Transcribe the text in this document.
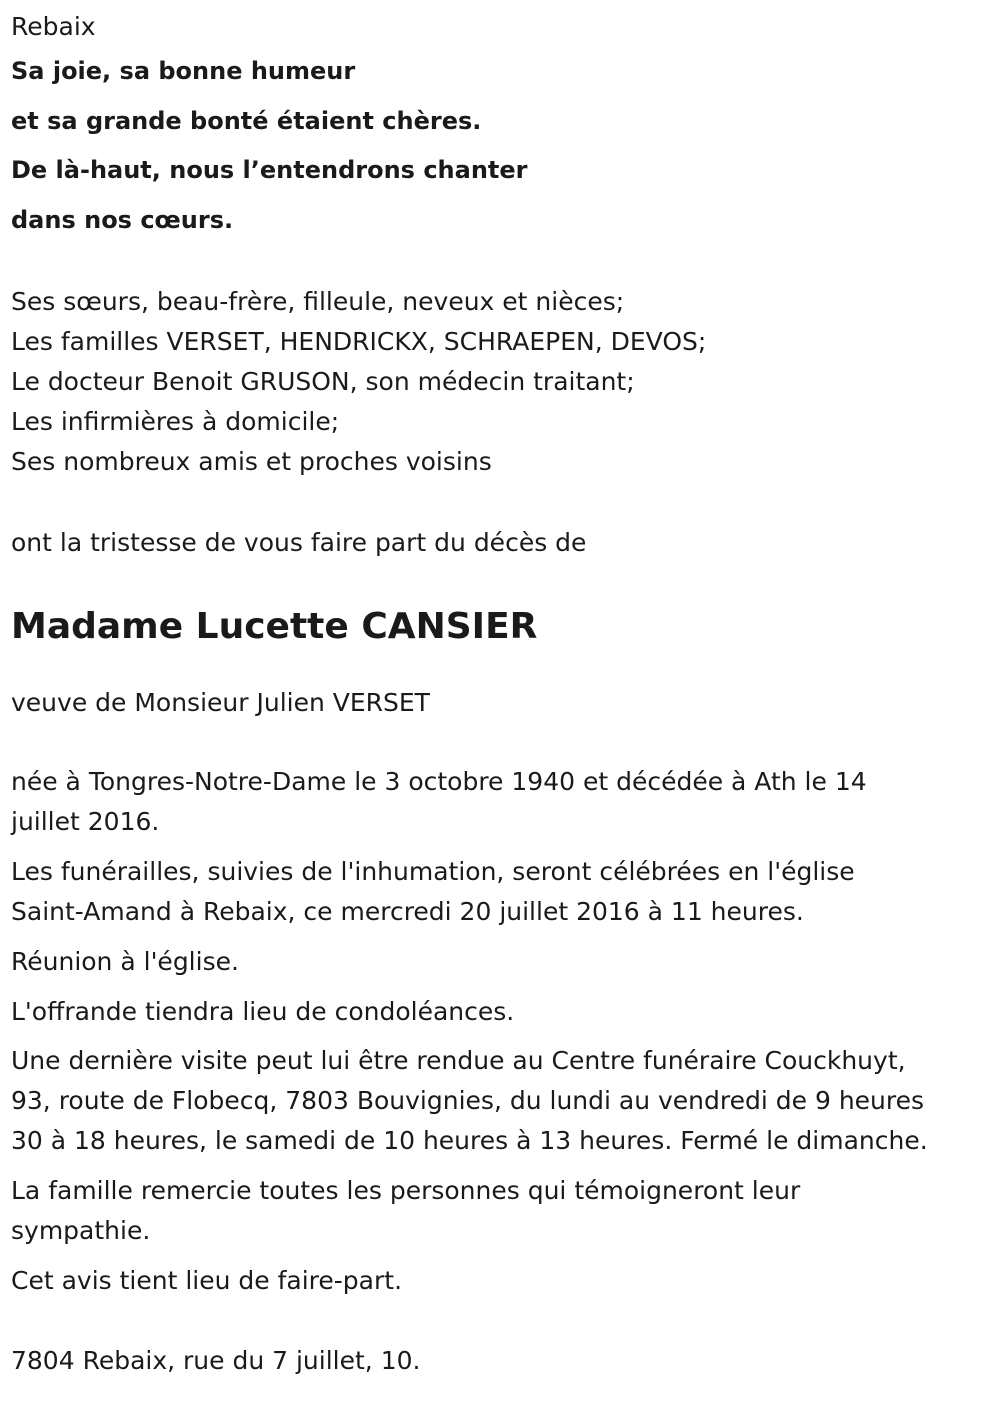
Rebaix

Sa joie, sa bonne humeur

et sa grande bonté étaient chères.

De là-haut, nous l’entendrons chanter

dans nos cœurs.

Ses sœurs, beau-frère, filleule, neveux et nièces;

Les familles VERSET, HENDRICKX, SCHRAEPEN, DEVOS;

Le docteur Benoit GRUSON, son médecin traitant;

Les infirmières à domicile;

Ses nombreux amis et proches voisins

ont la tristesse de vous faire part du décès de

Madame Lucette CANSIER

veuve de Monsieur Julien VERSET

née à Tongres-Notre-Dame le 3 octobre 1940 et décédée à Ath le 14

juillet 2016.

Les funérailles, suivies de l'inhumation, seront célébrées en l'église

Saint-Amand à Rebaix, ce mercredi 20 juillet 2016 à 11 heures.

Réunion à l'église.

L'offrande tiendra lieu de condoléances.

Une dernière visite peut lui être rendue au Centre funéraire Couckhuyt,

93, route de Flobecq, 7803 Bouvignies, du lundi au vendredi de 9 heures

30 à 18 heures, le samedi de 10 heures à 13 heures. Fermé le dimanche.

La famille remercie toutes les personnes qui témoigneront leur

sympathie.

Cet avis tient lieu de faire-part.

7804 Rebaix, rue du 7 juillet, 10.
